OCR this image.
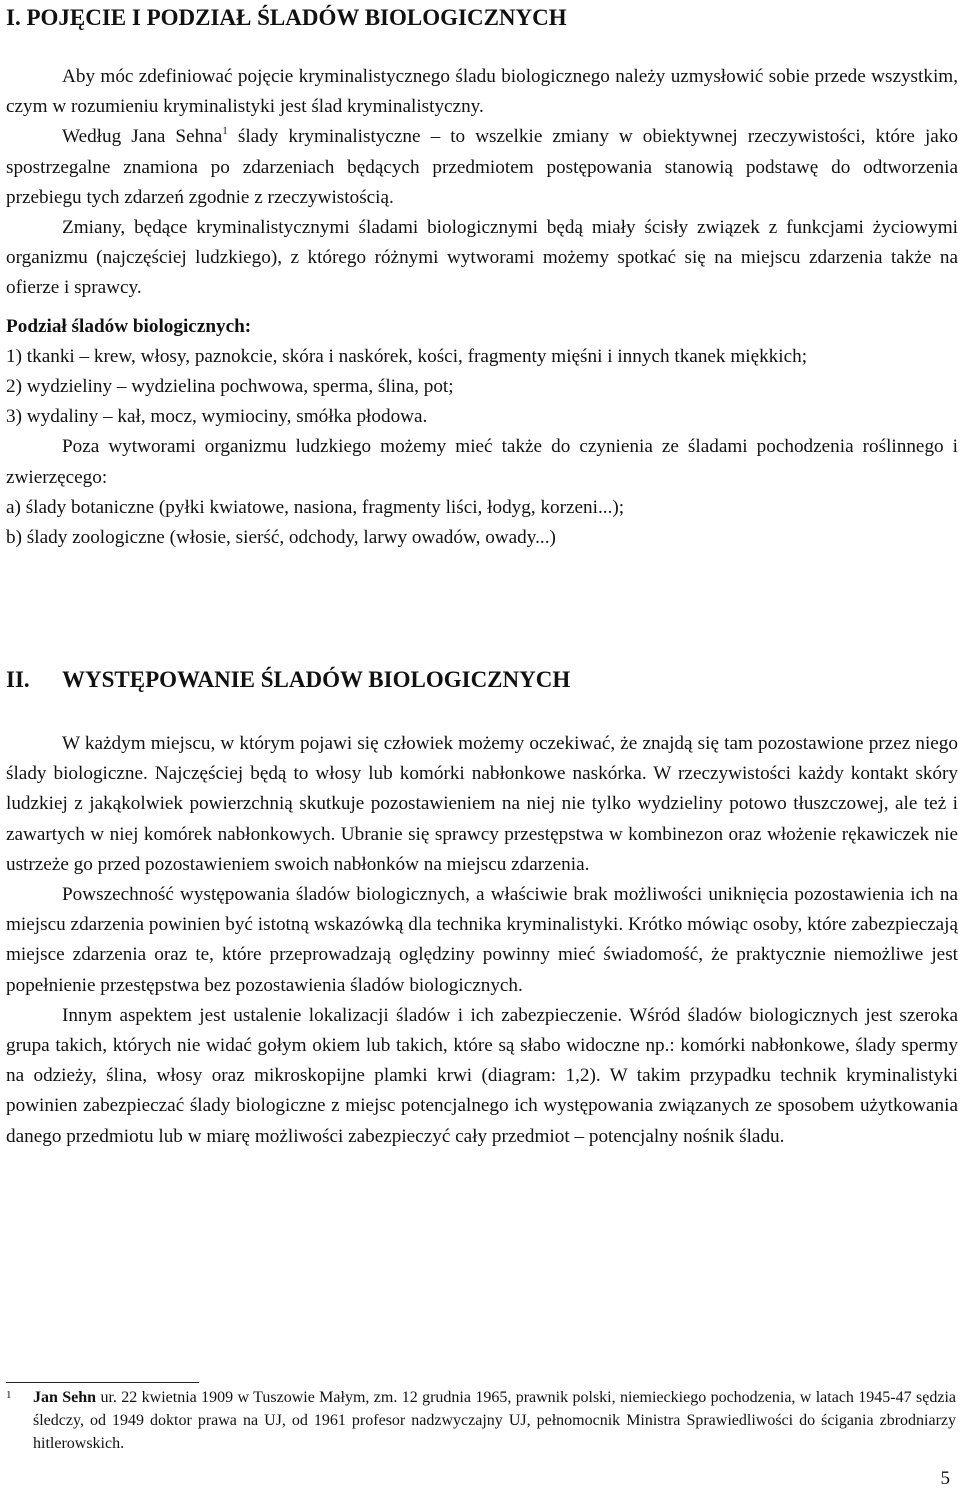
I. POJĘCIE I PODZIAŁ ŚLADÓW BIOLOGICZNYCH

Aby móc zdefiniować pojęcie kryminalistycznego śladu biologicznego należy uzmysłowić sobie przede wszystkim, czym w rozumieniu kryminalistyki jest ślad kryminalistyczny.

Według Jana Sehna$^1$ ślady kryminalistyczne – to wszelkie zmiany w obiektywnej rzeczywistości, które jako spostrzegalne znamiona po zdarzeniach będących przedmiotem postępowania stanowią podstawę do odtworzenia przebiegu tych zdarzeń zgodnie z rzeczywistością.

Zmiany, będące kryminalistycznymi śladami biologicznymi będą miały ścisły związek z funkcjami życiowymi organizmu (najczęściej ludzkiego), z którego różnymi wytworami możemy spotkać się na miejscu zdarzenia także na ofierze i sprawcy.

Podział śladów biologicznych:

1) tkanki – krew, włosy, paznokcie, skóra i naskórek, kości, fragmenty mięśni i innych tkanek miękkich;

2) wydzieliny – wydzielina pochwowa, sperma, ślina, pot;

3) wydaliny – kał, mocz, wymiociny, smółka płodowa.

Poza wytworami organizmu ludzkiego możemy mieć także do czynienia ze śladami pochodzenia roślinnego i zwierzęcego:

a) ślady botaniczne (pyłki kwiatowe, nasiona, fragmenty liści, łodyg, korzeni...);

b) ślady zoologiczne (włosie, sierść, odchody, larwy owadów, owady...)

II. WYSTĘPOWANIE ŚLADÓW BIOLOGICZNYCH

W każdym miejscu, w którym pojawi się człowiek możemy oczekiwać, że znajdą się tam pozostawione przez niego ślady biologiczne. Najczęściej będą to włosy lub komórki nabłonkowe naskórka. W rzeczywistości każdy kontakt skóry ludzkiej z jakąkolwiek powierzchnią skutkuje pozostawieniem na niej nie tylko wydzieliny potowo tłuszczowej, ale też i zawartych w niej komórek nabłonkowych. Ubranie się sprawcy przestępstwa w kombinezon oraz włożenie rękawiczek nie ustrzeże go przed pozostawieniem swoich nabłonków na miejscu zdarzenia.

Powszechność występowania śladów biologicznych, a właściwie brak możliwości uniknięcia pozostawienia ich na miejscu zdarzenia powinien być istotną wskazówką dla technika kryminalistyki. Krótko mówiąc osoby, które zabezpieczają miejsce zdarzenia oraz te, które przeprowadzają oględziny powinny mieć świadomość, że praktycznie niemożliwe jest popełnienie przestępstwa bez pozostawienia śladów biologicznych.

Innym aspektem jest ustalenie lokalizacji śladów i ich zabezpieczenie. Wśród śladów biologicznych jest szeroka grupa takich, których nie widać gołym okiem lub takich, które są słabo widoczne np.: komórki nabłonkowe, ślady spermy na odzieży, ślina, włosy oraz mikroskopijne plamki krwi (diagram: 1,2). W takim przypadku technik kryminalistyki powinien zabezpieczać ślady biologiczne z miejsc potencjalnego ich występowania związanych ze sposobem użytkowania danego przedmiotu lub w miarę możliwości zabezpieczyć cały przedmiot – potencjalny nośnik śladu.

1	Jan Sehn ur. 22 kwietnia 1909 w Tuszowie Małym, zm. 12 grudnia 1965, prawnik polski, niemieckiego pochodzenia, w latach 1945-47 sędzia śledczy, od 1949 doktor prawa na UJ, od 1961 profesor nadzwyczajny UJ, pełnomocnik Ministra Sprawiedliwości do ścigania zbrodniarzy hitlerowskich.

5
